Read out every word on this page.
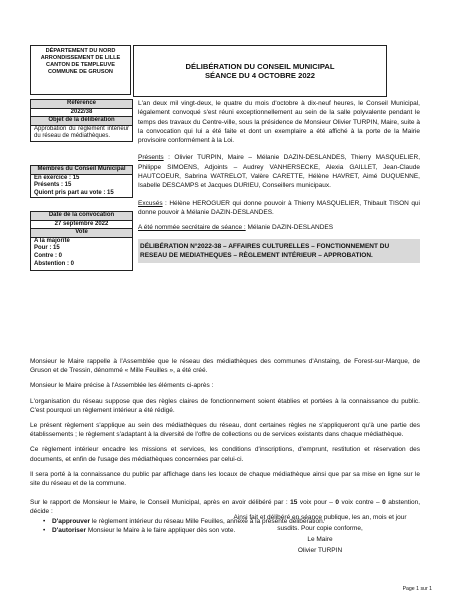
DÉPARTEMENT DU NORD
ARRONDISSEMENT DE LILLE
CANTON DE TEMPLEUVE
COMMUNE DE GRUSON
DÉLIBÉRATION DU CONSEIL MUNICIPAL
SÉANCE DU 4 OCTOBRE 2022
Référence
2022/38
Objet de la délibération
Approbation du règlement intérieur du réseau de médiathèques.
Membres du Conseil Municipal
En exercice : 15
Présents : 15
Quiont pris part au vote : 15
Date de la convocation
27 septembre 2022
Vote
A la majorité
Pour : 15
Contre : 0
Abstention : 0

L'an deux mil vingt-deux, le quatre du mois d'octobre à dix-neuf heures, le Conseil Municipal, légalement convoqué s'est réuni exceptionnellement au sein de la salle polyvalente pendant le temps des travaux du Centre-ville, sous la présidence de Monsieur Olivier TURPIN, Maire, suite à la convocation qui lui a été faite et dont un exemplaire a été affiché à la porte de la Mairie provisoire conformément à la Loi.

Présents : Olivier TURPIN, Maire – Mélanie DAZIN-DESLANDES, Thierry MASQUELIER, Philippe SIMOENS, Adjoints – Audrey VANHERSECKE, Alexia GAILLET, Jean-Claude HAUTCOEUR, Sabrina WATRELOT, Valère CARETTE, Hélène HAVRET, Aimé DUQUENNE, Isabelle DESCAMPS et Jacques DURIEU, Conseillers municipaux.

Excusés : Hélène HEROGUER qui donne pouvoir à Thierry MASQUELIER, Thibault TISON qui donne pouvoir à Mélanie DAZIN-DESLANDES.

A été nommée secrétaire de séance : Mélanie DAZIN-DESLANDES

DÉLIBÉRATION N°2022-38 – AFFAIRES CULTURELLES – FONCTIONNEMENT DU RESEAU DE MEDIATHEQUES – RÈGLEMENT INTÉRIEUR – APPROBATION.

Monsieur le Maire rappelle à l'Assemblée que le réseau des médiathèques des communes d'Anstaing, de Forest-sur-Marque, de Gruson et de Tressin, dénommé « Mille Feuilles », a été créé.

Monsieur le Maire précise à l'Assemblée les éléments ci-après :

L'organisation du réseau suppose que des règles claires de fonctionnement soient établies et portées à la connaissance du public. C'est pourquoi un règlement intérieur a été rédigé.

Le présent règlement s'applique au sein des médiathèques du réseau, dont certaines règles ne s'appliqueront qu'à une partie des établissements ; le règlement s'adaptant à la diversité de l'offre de collections ou de services existants dans chaque médiathèque.

Ce règlement intérieur encadre les missions et services, les conditions d'inscriptions, d'emprunt, restitution et réservation des documents, et enfin de l'usage des médiathèques concernées par celui-ci.

Il sera porté à la connaissance du public par affichage dans les locaux de chaque médiathèque ainsi que par sa mise en ligne sur le site du réseau et de la commune.

Sur le rapport de Monsieur le Maire, le Conseil Municipal, après en avoir délibéré par : 15 voix pour – 0 voix contre – 0 abstention, décide :

• D'approuver le règlement intérieur du réseau Mille Feuilles, annexé à la présente délibération.
• D'autoriser Monsieur le Maire à le faire appliquer dès son vote.
Ainsi fait et délibéré en séance publique, les an, mois et jour
susdits. Pour copie conforme,
Le Maire
Olivier TURPIN
Page 1 sur 1
